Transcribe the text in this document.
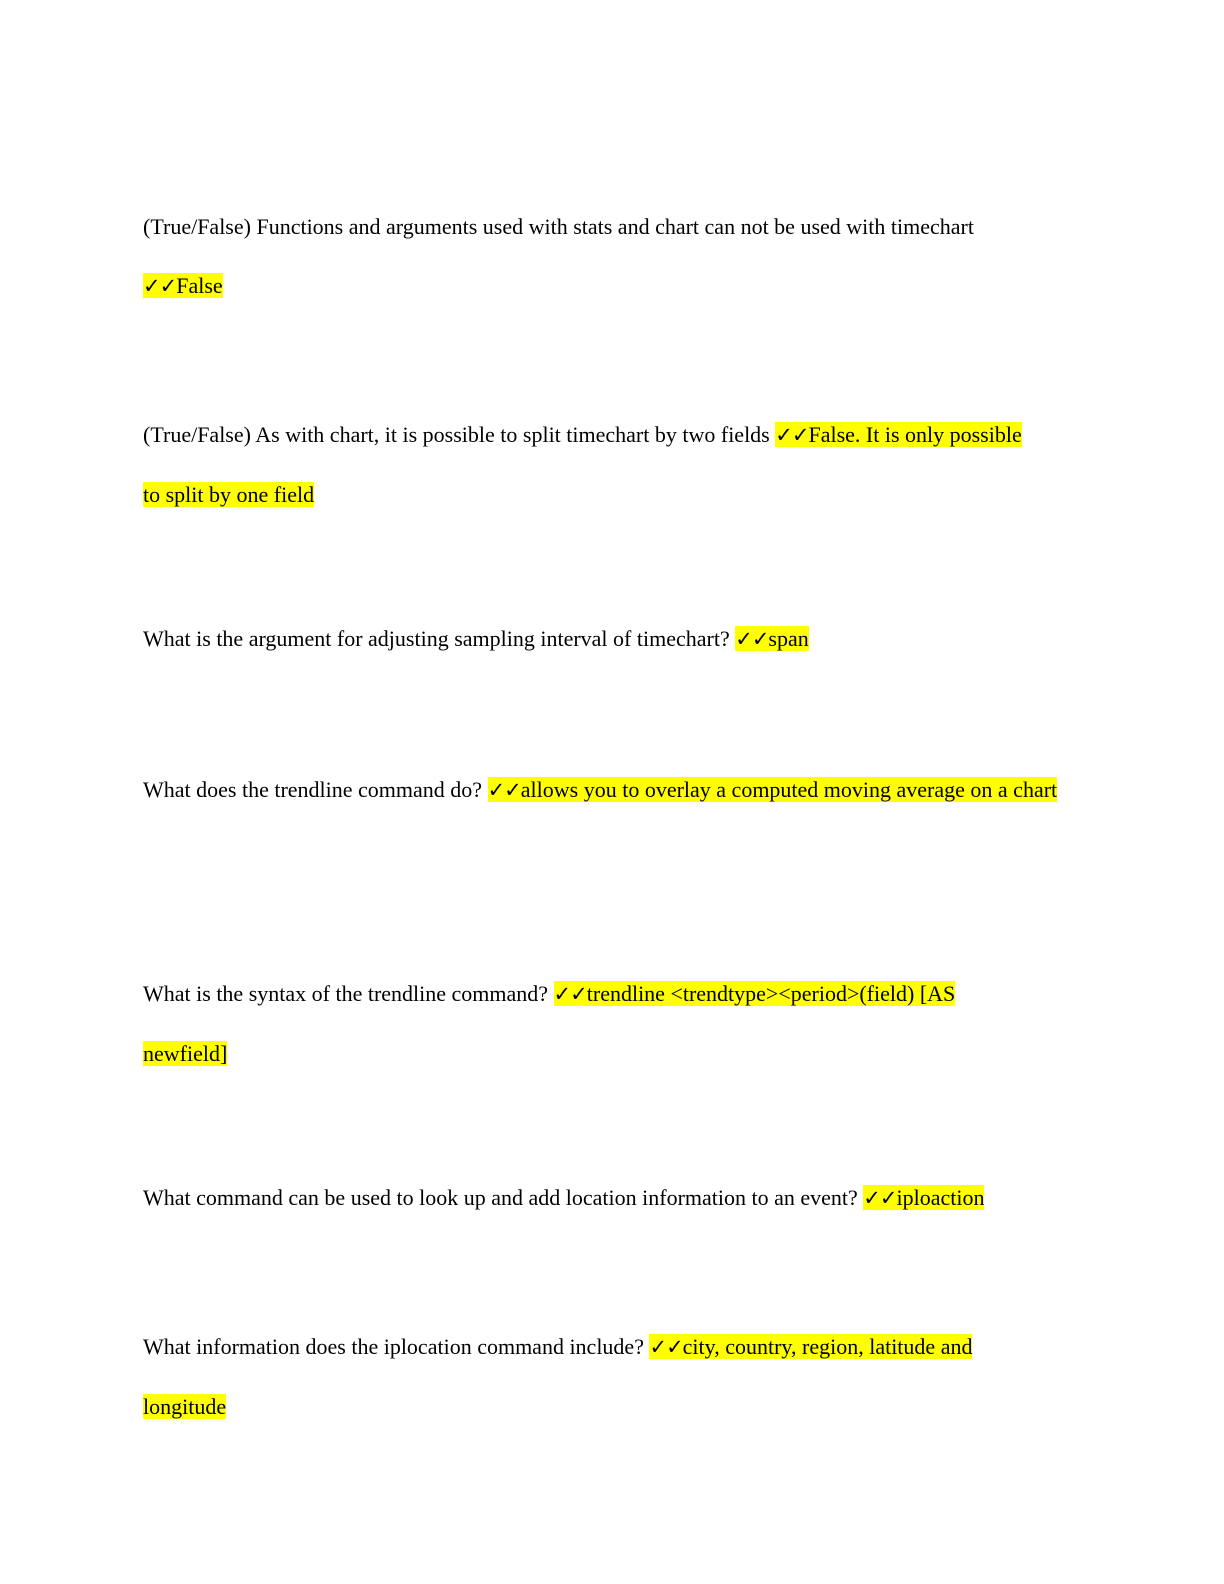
(True/False) Functions and arguments used with stats and chart can not be used with timechart ✓✓False

(True/False) As with chart, it is possible to split timechart by two fields ✓✓False. It is only possible to split by one field

What is the argument for adjusting sampling interval of timechart? ✓✓span

What does the trendline command do? ✓✓allows you to overlay a computed moving average on a chart

What is the syntax of the trendline command? ✓✓trendline <trendtype><period>(field) [AS newfield]

What command can be used to look up and add location information to an event? ✓✓iploaction

What information does the iplocation command include? ✓✓city, country, region, latitude and longitude
